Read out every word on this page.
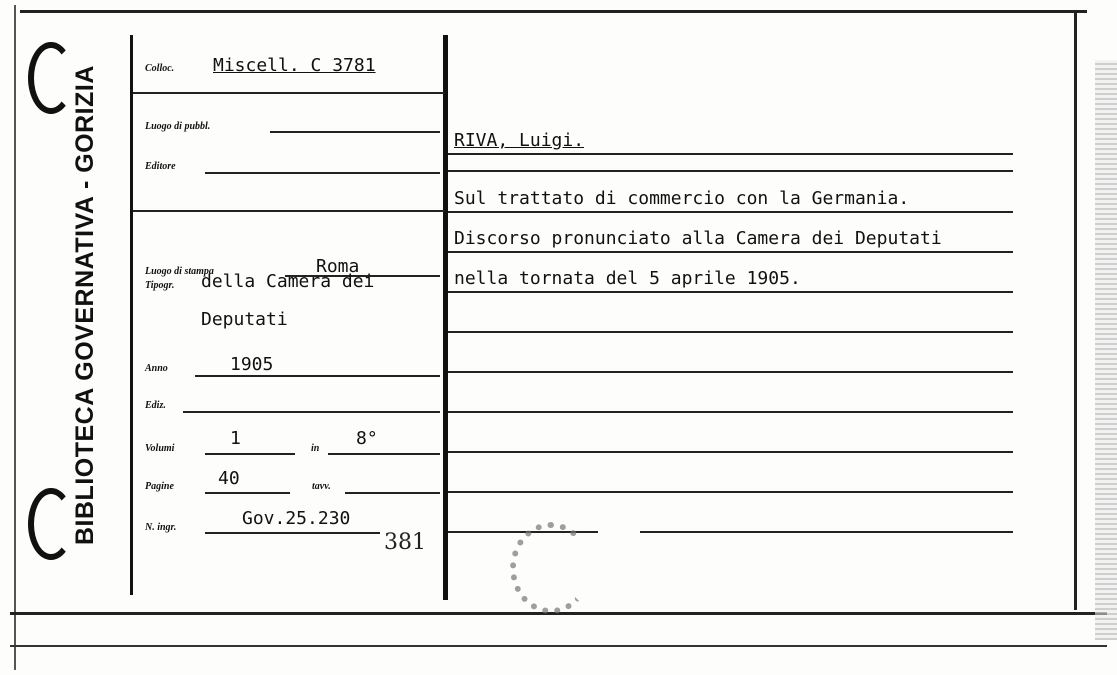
BIBLIOTECA GOVERNATIVA - GORIZIA	Colloc. Miscell. C 3781
Luogo di pubbl.
Editore
Luogo di stampa	Roma
Tipogr. della Camera dei
Deputati
Anno	1905
Ediz.
Volumi	1	in 8°
Pagine 40	tavv.
N. ingr.	Gov.25.230
381
RIVA, Luigi.
Sul trattato di commercio con la Germania.
Discorso pronunciato alla Camera dei Deputati
nella tornata del 5 aprile 1905.
